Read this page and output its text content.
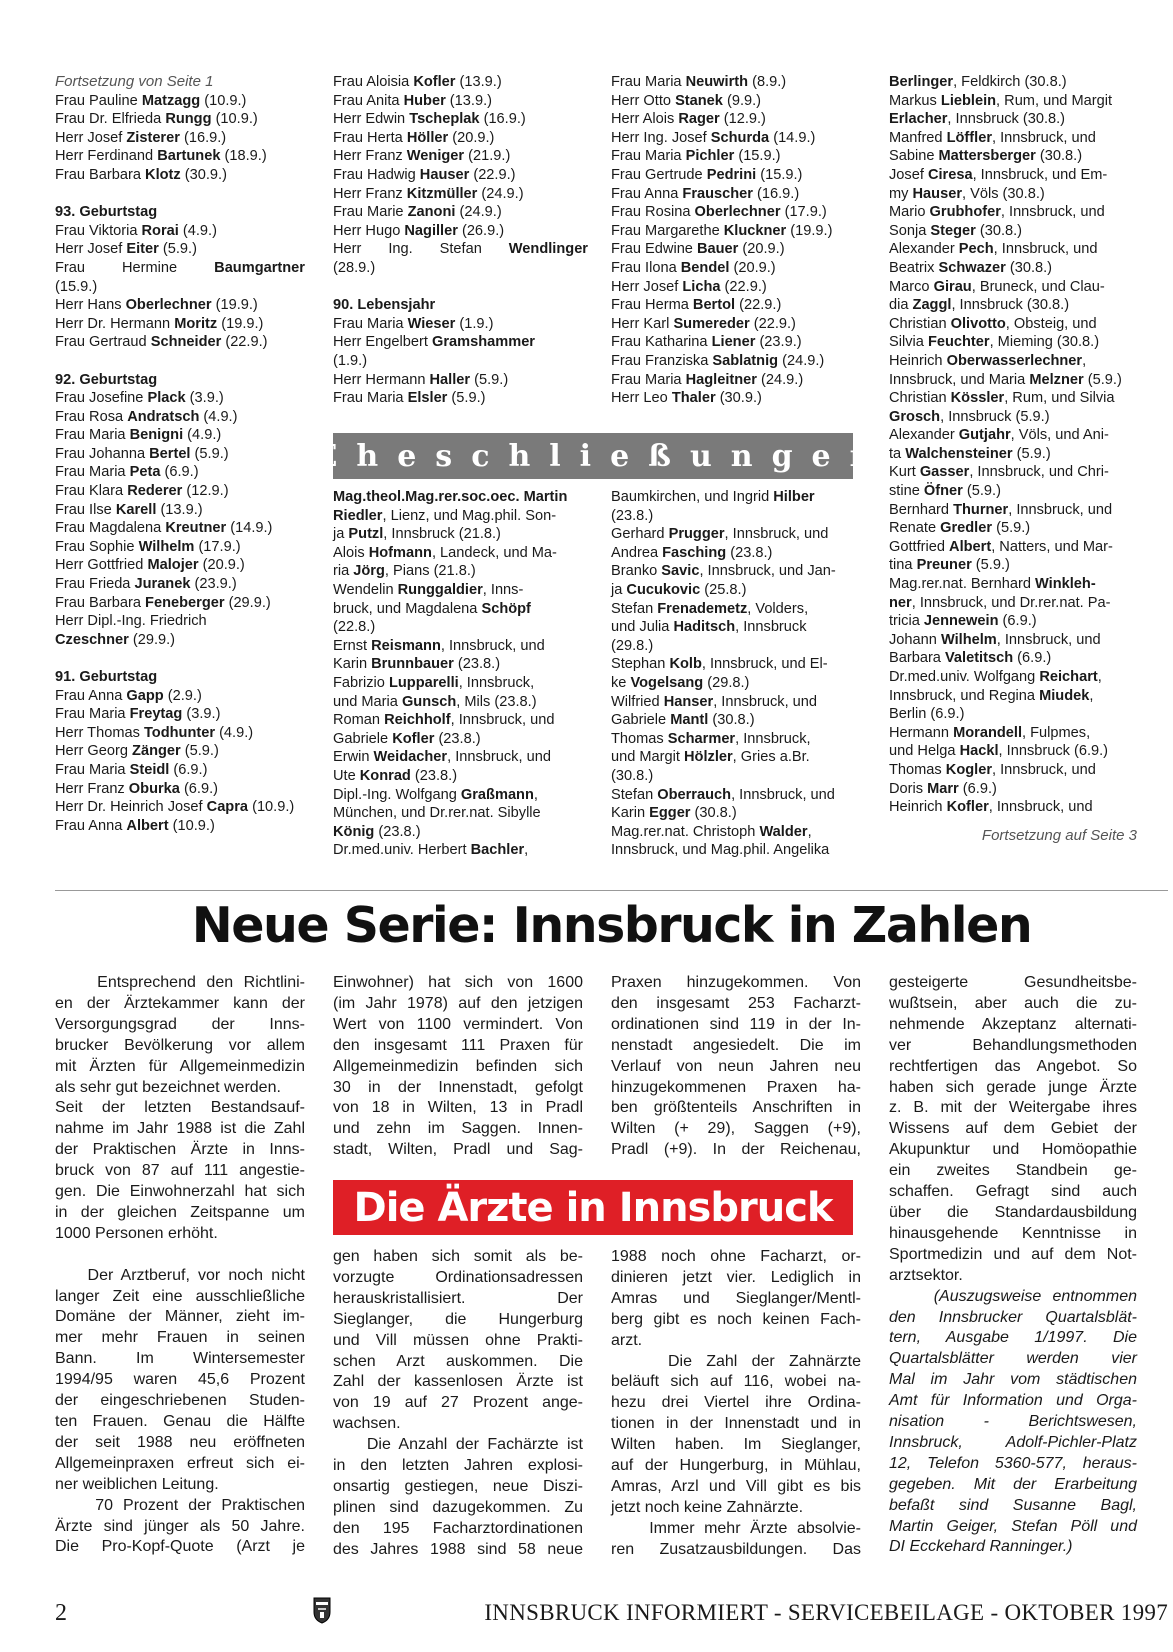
Fortsetzung von Seite 1

Frau Pauline Matzagg (10.9.)

Frau Dr. Elfrieda Rungg (10.9.)

Herr Josef Zisterer (16.9.)

Herr Ferdinand Bartunek (18.9.)

Frau Barbara Klotz (30.9.)

93. Geburtstag

Frau Viktoria Rorai (4.9.)

Herr Josef Eiter (5.9.)

Frau Hermine	Baumgartner

(15.9.)

Herr Hans Oberlechner (19.9.)

Herr Dr. Hermann Moritz (19.9.)

Frau Gertraud Schneider (22.9.)

92. Geburtstag

Frau Josefine Plack (3.9.)

Frau Rosa Andratsch (4.9.)

Frau Maria Benigni (4.9.)

Frau Johanna Bertel (5.9.)

Frau Maria Peta (6.9.)

Frau Klara Rederer (12.9.)

Frau Ilse Karell (13.9.)

Frau Magdalena Kreutner (14.9.)

Frau Sophie Wilhelm (17.9.)

Herr Gottfried Malojer (20.9.)

Frau Frieda Juranek (23.9.)

Frau Barbara Feneberger (29.9.)

Herr Dipl.-Ing. Friedrich

Czeschner (29.9.)

91. Geburtstag

Frau Anna Gapp (2.9.)

Frau Maria Freytag (3.9.)

Herr Thomas Todhunter (4.9.)

Herr Georg Zänger (5.9.)

Frau Maria Steidl (6.9.)

Herr Franz Oburka (6.9.)

Herr Dr. Heinrich Josef Capra (10.9.)

Frau Anna Albert (10.9.)

Frau Aloisia Kofler (13.9.)

Frau Anita Huber (13.9.)

Herr Edwin Tscheplak (16.9.)

Frau Herta Höller (20.9.)

Herr Franz Weniger (21.9.)

Frau Hadwig Hauser (22.9.)

Herr Franz Kitzmüller (24.9.)

Frau Marie Zanoni (24.9.)

Herr Hugo Nagiller (26.9.)

Herr Ing. Stefan Wendlinger

(28.9.)

90. Lebensjahr

Frau Maria Wieser (1.9.)

Herr Engelbert Gramshammer

(1.9.)

Herr Hermann Haller (5.9.)

Frau Maria Elsler (5.9.)

Frau Maria Neuwirth (8.9.)

Herr Otto Stanek (9.9.)

Herr Alois Rager (12.9.)

Herr Ing. Josef Schurda (14.9.)

Frau Maria Pichler (15.9.)

Frau Gertrude Pedrini (15.9.)

Frau Anna Frauscher (16.9.)

Frau Rosina Oberlechner (17.9.)

Frau Margarethe Kluckner (19.9.)

Frau Edwine Bauer (20.9.)

Frau Ilona Bendel (20.9.)

Herr Josef Licha (22.9.)

Frau Herma Bertol (22.9.)

Herr Karl Sumereder (22.9.)

Frau Katharina Liener (23.9.)

Frau Franziska Sablatnig (24.9.)

Frau Maria Hagleitner (24.9.)

Herr Leo Thaler (30.9.)

Eheschließungen

Mag.theol.Mag.rer.soc.oec. Martin

Riedler, Lienz, und Mag.phil. Son-

ja Putzl, Innsbruck (21.8.)

Alois Hofmann, Landeck, und Ma-

ria Jörg, Pians (21.8.)

Wendelin Runggaldier, Inns-

bruck, und Magdalena Schöpf

(22.8.)

Ernst Reismann, Innsbruck, und

Karin Brunnbauer (23.8.)

Fabrizio Lupparelli, Innsbruck,

und Maria Gunsch, Mils (23.8.)

Roman Reichholf, Innsbruck, und

Gabriele Kofler (23.8.)

Erwin Weidacher, Innsbruck, und

Ute Konrad (23.8.)

Dipl.-Ing. Wolfgang Graßmann,

München, und Dr.rer.nat. Sibylle

König (23.8.)

Dr.med.univ. Herbert Bachler,

Baumkirchen, und Ingrid Hilber

(23.8.)

Gerhard Prugger, Innsbruck, und

Andrea Fasching (23.8.)

Branko Savic, Innsbruck, und Jan-

ja Cucukovic (25.8.)

Stefan Frenademetz, Volders,

und Julia Haditsch, Innsbruck

(29.8.)

Stephan Kolb, Innsbruck, und El-

ke Vogelsang (29.8.)

Wilfried Hanser, Innsbruck, und

Gabriele Mantl (30.8.)

Thomas Scharmer, Innsbruck,

und Margit Hölzler, Gries a.Br.

(30.8.)

Stefan Oberrauch, Innsbruck, und

Karin Egger (30.8.)

Mag.rer.nat. Christoph Walder,

Innsbruck, und Mag.phil. Angelika

Berlinger, Feldkirch (30.8.)

Markus Lieblein, Rum, und Margit

Erlacher, Innsbruck (30.8.)

Manfred Löffler, Innsbruck, und

Sabine Mattersberger (30.8.)

Josef Ciresa, Innsbruck, und Em-

my Hauser, Völs (30.8.)

Mario Grubhofer, Innsbruck, und

Sonja Steger (30.8.)

Alexander Pech, Innsbruck, und

Beatrix Schwazer (30.8.)

Marco Girau, Bruneck, und Clau-

dia Zaggl, Innsbruck (30.8.)

Christian Olivotto, Obsteig, und

Silvia Feuchter, Mieming (30.8.)

Heinrich Oberwasserlechner,

Innsbruck, und Maria Melzner (5.9.)

Christian Kössler, Rum, und Silvia

Grosch, Innsbruck (5.9.)

Alexander Gutjahr, Völs, und Ani-

ta Walchensteiner (5.9.)

Kurt Gasser, Innsbruck, und Chri-

stine Öfner (5.9.)

Bernhard Thurner, Innsbruck, und

Renate Gredler (5.9.)

Gottfried Albert, Natters, und Mar-

tina Preuner (5.9.)

Mag.rer.nat. Bernhard Winkleh-

ner, Innsbruck, und Dr.rer.nat. Pa-

tricia Jennewein (6.9.)

Johann Wilhelm, Innsbruck, und

Barbara Valetitsch (6.9.)

Dr.med.univ. Wolfgang Reichart,

Innsbruck, und Regina Miudek,

Berlin (6.9.)

Hermann Morandell, Fulpmes,

und Helga Hackl, Innsbruck (6.9.)

Thomas Kogler, Innsbruck, und

Doris Marr (6.9.)

Heinrich Kofler, Innsbruck, und

Fortsetzung auf Seite 3

Neue Serie: Innsbruck in Zahlen

Entsprechend den Richtlini-

en der Ärztekammer kann der

Versorgungsgrad der Inns-

brucker Bevölkerung vor allem

mit Ärzten für Allgemeinmedizin

als sehr gut bezeichnet werden.

Seit der letzten Bestandsauf-

nahme im Jahr 1988 ist die Zahl

der Praktischen Ärzte in Inns-

bruck von 87 auf 111 angestie-

gen. Die Einwohnerzahl hat sich

in der gleichen Zeitspanne um

1000 Personen erhöht.

Der Arztberuf, vor noch nicht

langer Zeit eine ausschließliche

Domäne der Männer, zieht im-

mer mehr Frauen in seinen

Bann. Im Wintersemester

1994/95 waren 45,6 Prozent

der eingeschriebenen Studen-

ten Frauen. Genau die Hälfte

der seit 1988 neu eröffneten

Allgemeinpraxen erfreut sich ei-

ner weiblichen Leitung.

70 Prozent der Praktischen

Ärzte sind jünger als 50 Jahre.

Die Pro-Kopf-Quote (Arzt je

Einwohner) hat sich von 1600

(im Jahr 1978) auf den jetzigen

Wert von 1100 vermindert. Von

den insgesamt 111 Praxen für

Allgemeinmedizin befinden sich

30 in der Innenstadt, gefolgt

von 18 in Wilten, 13 in Pradl

und zehn im Saggen. Innen-

stadt, Wilten, Pradl und Sag-

Praxen hinzugekommen. Von

den insgesamt 253 Facharzt-

ordinationen sind 119 in der In-

nenstadt angesiedelt. Die im

Verlauf von neun Jahren neu

hinzugekommenen Praxen ha-

ben größtenteils Anschriften in

Wilten (+ 29), Saggen (+9),

Pradl (+9). In der Reichenau,

Die Ärzte in Innsbruck

gen haben sich somit als be-

vorzugte Ordinationsadressen

herauskristallisiert. Der

Sieglanger, die Hungerburg

und Vill müssen ohne Prakti-

schen Arzt auskommen. Die

Zahl der kassenlosen Ärzte ist

von 19 auf 27 Prozent ange-

wachsen.

Die Anzahl der Fachärzte ist

in den letzten Jahren explosi-

onsartig gestiegen, neue Diszi-

plinen sind dazugekommen. Zu

den 195 Facharztordinationen

des Jahres 1988 sind 58 neue

1988 noch ohne Facharzt, or-

dinieren jetzt vier. Lediglich in

Amras und Sieglanger/Mentl-

berg gibt es noch keinen Fach-

arzt.

Die Zahl der Zahnärzte

beläuft sich auf 116, wobei na-

hezu drei Viertel ihre Ordina-

tionen in der Innenstadt und in

Wilten haben. Im Sieglanger,

auf der Hungerburg, in Mühlau,

Amras, Arzl und Vill gibt es bis

jetzt noch keine Zahnärzte.

Immer mehr Ärzte absolvie-

ren Zusatzausbildungen. Das

gesteigerte Gesundheitsbe-

wußtsein, aber auch die zu-

nehmende Akzeptanz alternati-

ver Behandlungsmethoden

rechtfertigen das Angebot. So

haben sich gerade junge Ärzte

z. B. mit der Weitergabe ihres

Wissens auf dem Gebiet der

Akupunktur und Homöopathie

ein zweites Standbein ge-

schaffen. Gefragt sind auch

über die Standardausbildung

hinausgehende Kenntnisse in

Sportmedizin und auf dem Not-

arztsektor.

(Auszugsweise entnommen

den Innsbrucker Quartalsblät-

tern, Ausgabe 1/1997. Die

Quartalsblätter werden vier

Mal im Jahr vom städtischen

Amt für Information und Orga-

nisation - Berichtswesen,

Innsbruck, Adolf-Pichler-Platz

12, Telefon 5360-577, heraus-

gegeben. Mit der Erarbeitung

befaßt sind Susanne Bagl,

Martin Geiger, Stefan Pöll und

DI Ecckehard Ranninger.)

2	INNSBRUCK INFORMIERT - SERVICEBEILAGE - OKTOBER 1997
